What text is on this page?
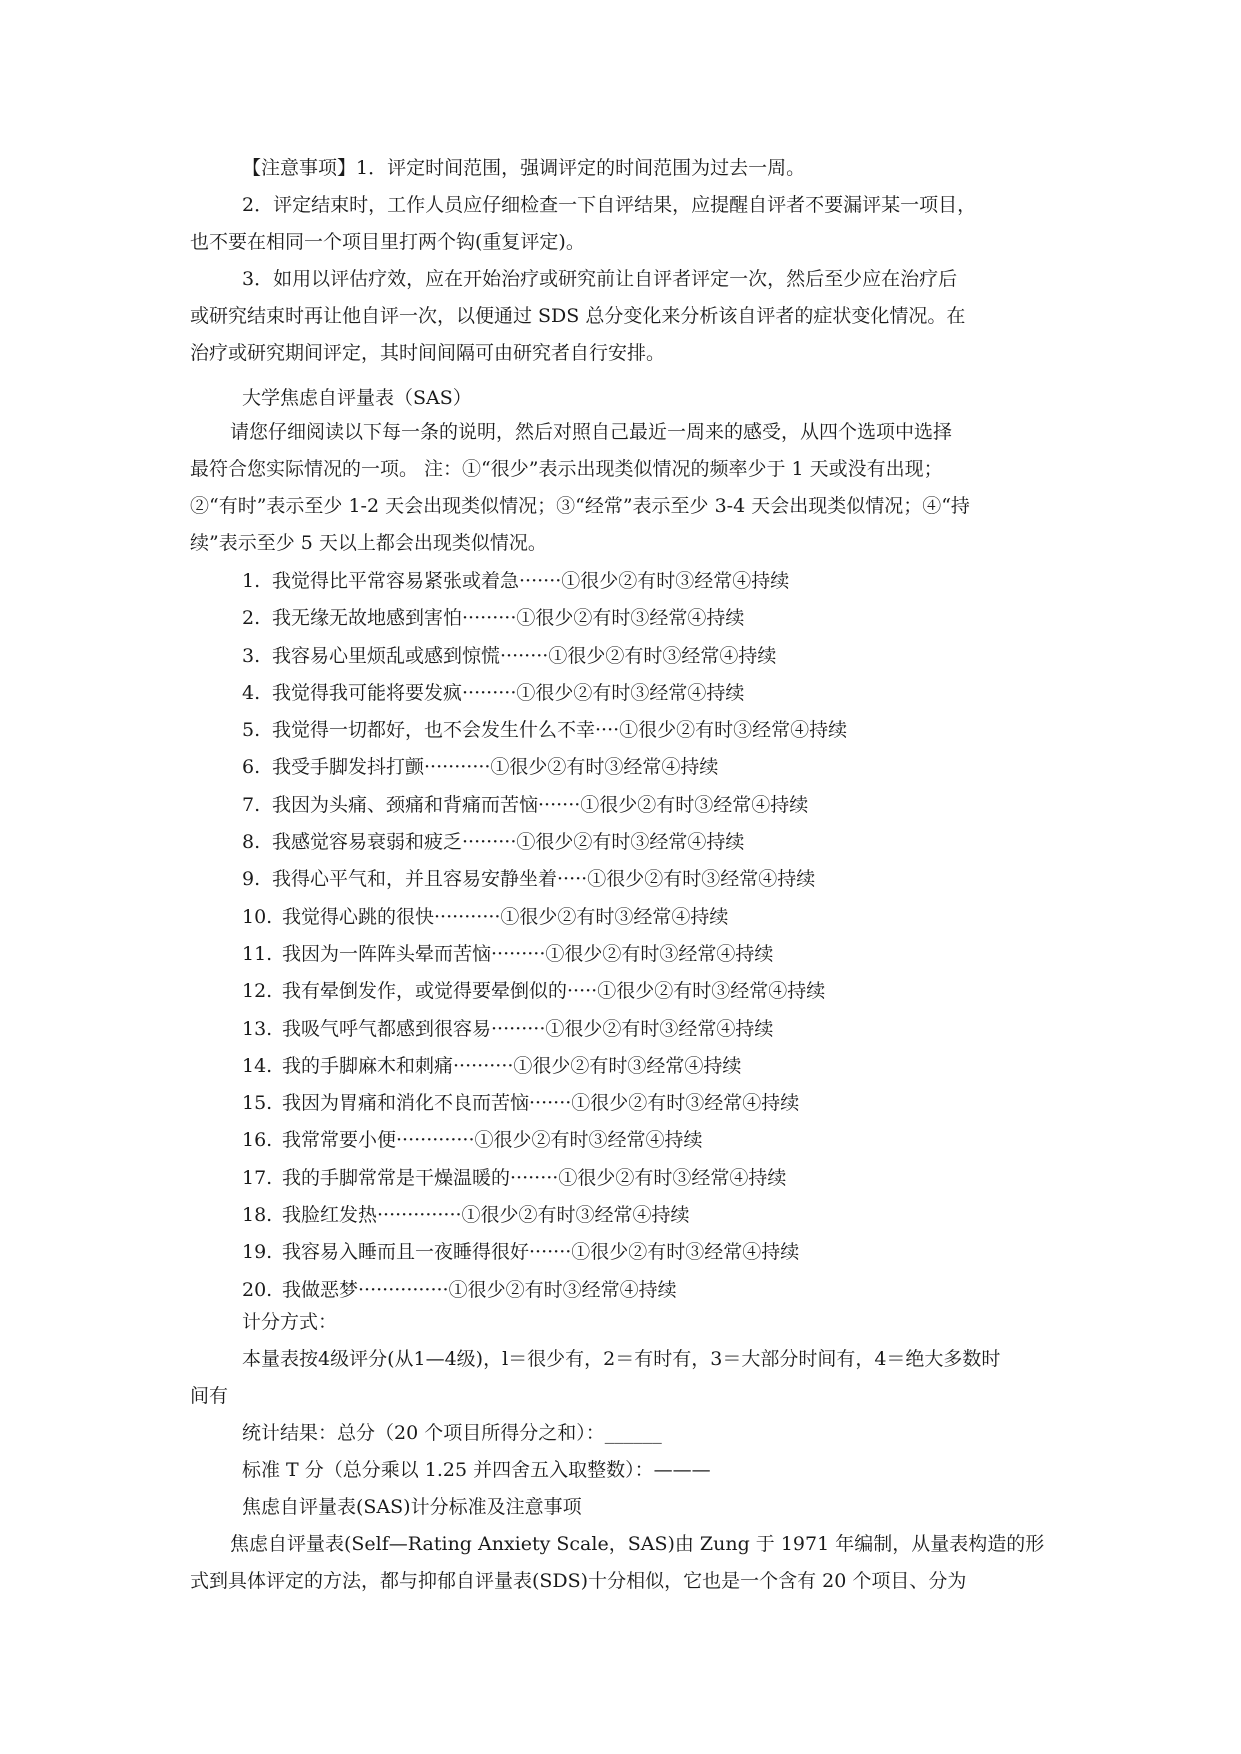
【注意事项】1．评定时间范围，强调评定的时间范围为过去一周。
2．评定结束时，工作人员应仔细检查一下自评结果，应提醒自评者不要漏评某一项目，
也不要在相同一个项目里打两个钩(重复评定)。
3．如用以评估疗效，应在开始治疗或研究前让自评者评定一次，然后至少应在治疗后
或研究结束时再让他自评一次，以便通过 SDS 总分变化来分析该自评者的症状变化情况。在
治疗或研究期间评定，其时间间隔可由研究者自行安排。
大学焦虑自评量表（SAS）
请您仔细阅读以下每一条的说明，然后对照自己最近一周来的感受，从四个选项中选择
最符合您实际情况的一项。 注：①“很少”表示出现类似情况的频率少于 1 天或没有出现；
②“有时”表示至少 1-2 天会出现类似情况；③“经常”表示至少 3-4 天会出现类似情况；④“持
续”表示至少 5 天以上都会出现类似情况。
1. 我觉得比平常容易紧张或着急·······①很少②有时③经常④持续
2. 我无缘无故地感到害怕·········①很少②有时③经常④持续
3. 我容易心里烦乱或感到惊慌········①很少②有时③经常④持续
4. 我觉得我可能将要发疯·········①很少②有时③经常④持续
5. 我觉得一切都好，也不会发生什么不幸····①很少②有时③经常④持续
6. 我受手脚发抖打颤···········①很少②有时③经常④持续
7. 我因为头痛、颈痛和背痛而苦恼·······①很少②有时③经常④持续
8. 我感觉容易衰弱和疲乏·········①很少②有时③经常④持续
9. 我得心平气和，并且容易安静坐着·····①很少②有时③经常④持续
10. 我觉得心跳的很快···········①很少②有时③经常④持续
11. 我因为一阵阵头晕而苦恼·········①很少②有时③经常④持续
12. 我有晕倒发作，或觉得要晕倒似的·····①很少②有时③经常④持续
13. 我吸气呼气都感到很容易·········①很少②有时③经常④持续
14. 我的手脚麻木和刺痛··········①很少②有时③经常④持续
15. 我因为胃痛和消化不良而苦恼·······①很少②有时③经常④持续
16. 我常常要小便·············①很少②有时③经常④持续
17. 我的手脚常常是干燥温暖的········①很少②有时③经常④持续
18. 我脸红发热··············①很少②有时③经常④持续
19. 我容易入睡而且一夜睡得很好·······①很少②有时③经常④持续
20. 我做恶梦···············①很少②有时③经常④持续
计分方式：
本量表按4级评分(从1—4级)，l＝很少有，2＝有时有，3＝大部分时间有，4＝绝大多数时
间有
统计结果：总分（20 个项目所得分之和）：______
标准 T 分（总分乘以 1.25 并四舍五入取整数）：———
焦虑自评量表(SAS)计分标准及注意事项
焦虑自评量表(Self—Rating Anxiety Scale，SAS)由 Zung 于 1971 年编制，从量表构造的形
式到具体评定的方法，都与抑郁自评量表(SDS)十分相似，它也是一个含有 20 个项目、分为
